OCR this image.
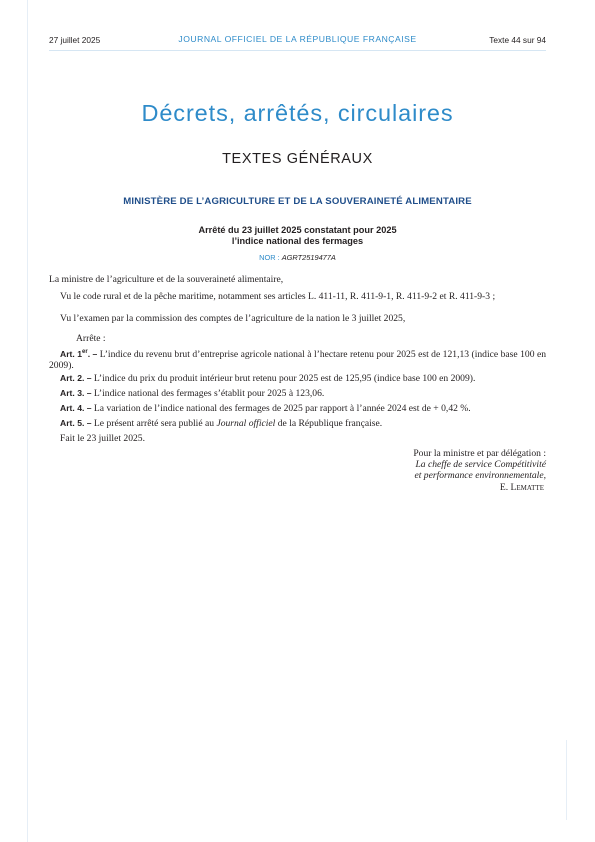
27 juillet 2025	JOURNAL OFFICIEL DE LA RÉPUBLIQUE FRANÇAISE	Texte 44 sur 94
Décrets, arrêtés, circulaires
TEXTES GÉNÉRAUX
MINISTÈRE DE L’AGRICULTURE ET DE LA SOUVERAINETÉ ALIMENTAIRE
Arrêté du 23 juillet 2025 constatant pour 2025
l’indice national des fermages
NOR : AGRT2519477A
La ministre de l’agriculture et de la souveraineté alimentaire,
Vu le code rural et de la pêche maritime, notamment ses articles L. 411-11, R. 411-9-1, R. 411-9-2 et R. 411-9-3 ;
Vu l’examen par la commission des comptes de l’agriculture de la nation le 3 juillet 2025,
Arrête :
Art. 1er. – L’indice du revenu brut d’entreprise agricole national à l’hectare retenu pour 2025 est de 121,13 (indice base 100 en 2009).
Art. 2. – L’indice du prix du produit intérieur brut retenu pour 2025 est de 125,95 (indice base 100 en 2009).
Art. 3. – L’indice national des fermages s’établit pour 2025 à 123,06.
Art. 4. – La variation de l’indice national des fermages de 2025 par rapport à l’année 2024 est de + 0,42 %.
Art. 5. – Le présent arrêté sera publié au Journal officiel de la République française.
Fait le 23 juillet 2025.
Pour la ministre et par délégation :
La cheffe de service Compétitivité
et performance environnementale,
E. Lematte
